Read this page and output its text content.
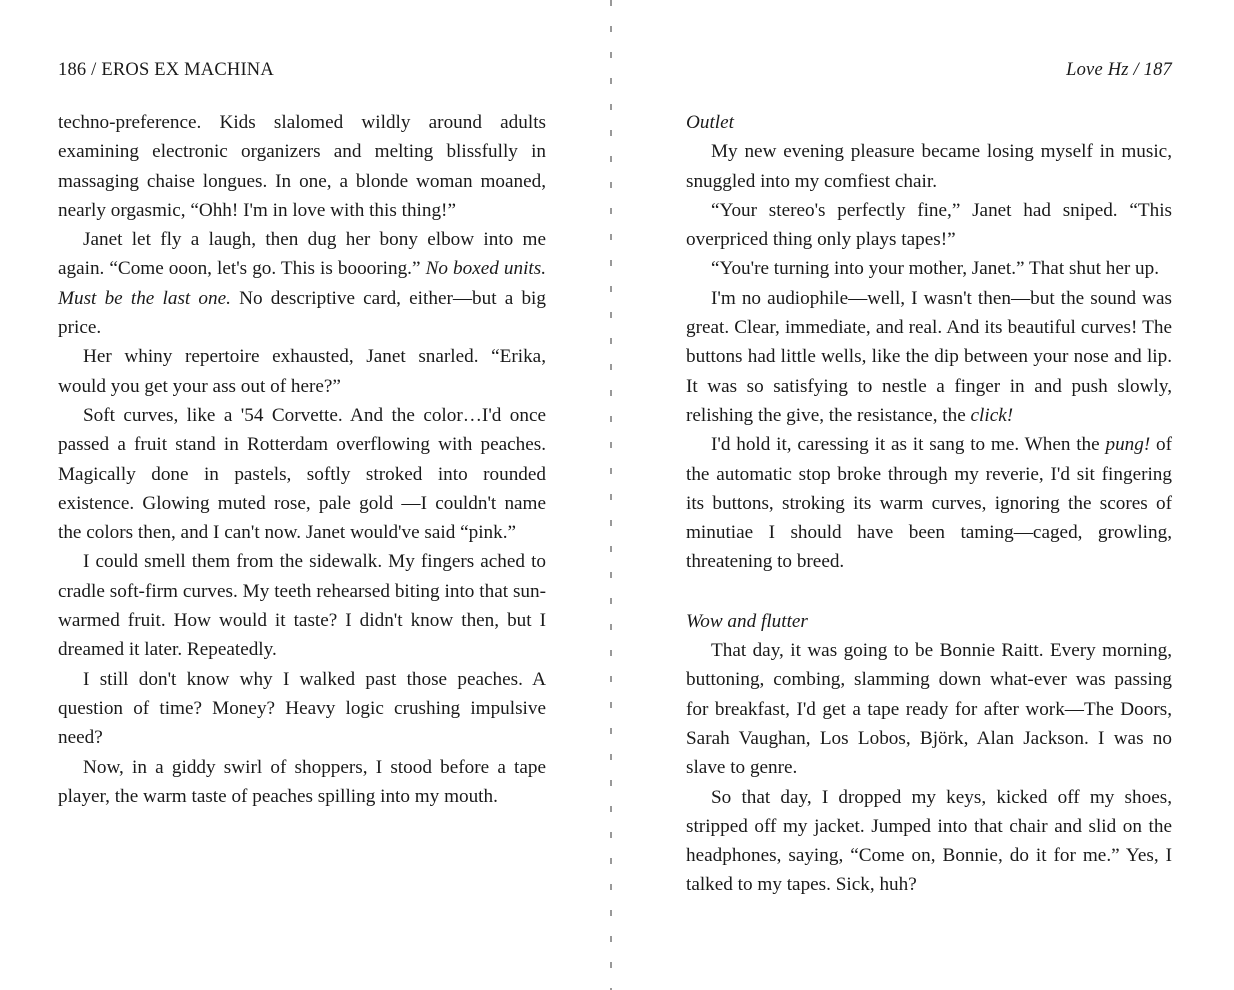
186 / EROS EX MACHINA

techno-preference. Kids slalomed wildly around adults examining electronic organizers and melting blissfully in massaging chaise longues. In one, a blonde woman moaned, nearly orgasmic, “Ohh! I'm in love with this thing!”

Janet let fly a laugh, then dug her bony elbow into me again. “Come ooon, let's go. This is boooring.” No boxed units. Must be the last one. No descriptive card, either—but a big price.

Her whiny repertoire exhausted, Janet snarled. “Erika, would you get your ass out of here?”

Soft curves, like a '54 Corvette. And the color…I'd once passed a fruit stand in Rotterdam overflowing with peaches. Magically done in pastels, softly stroked into rounded existence. Glowing muted rose, pale gold —I couldn't name the colors then, and I can't now. Janet would've said “pink.”

I could smell them from the sidewalk. My fingers ached to cradle soft-firm curves. My teeth rehearsed biting into that sun-warmed fruit. How would it taste? I didn't know then, but I dreamed it later. Repeatedly.

I still don't know why I walked past those peaches. A question of time? Money? Heavy logic crushing impulsive need?

Now, in a giddy swirl of shoppers, I stood before a tape player, the warm taste of peaches spilling into my mouth.

Love Hz / 187
Outlet

My new evening pleasure became losing myself in music, snuggled into my comfiest chair.

“Your stereo's perfectly fine,” Janet had sniped. “This overpriced thing only plays tapes!”

“You're turning into your mother, Janet.” That shut her up.

I'm no audiophile—well, I wasn't then—but the sound was great. Clear, immediate, and real. And its beautiful curves! The buttons had little wells, like the dip between your nose and lip. It was so satisfying to nestle a finger in and push slowly, relishing the give, the resistance, the click!

I'd hold it, caressing it as it sang to me. When the pung! of the automatic stop broke through my reverie, I'd sit fingering its buttons, stroking its warm curves, ignoring the scores of minutiae I should have been taming—caged, growling, threatening to breed.

Wow and flutter

That day, it was going to be Bonnie Raitt. Every morning, buttoning, combing, slamming down what-ever was passing for breakfast, I'd get a tape ready for after work—The Doors, Sarah Vaughan, Los Lobos, Björk, Alan Jackson. I was no slave to genre.

So that day, I dropped my keys, kicked off my shoes, stripped off my jacket. Jumped into that chair and slid on the headphones, saying, “Come on, Bonnie, do it for me.” Yes, I talked to my tapes. Sick, huh?
